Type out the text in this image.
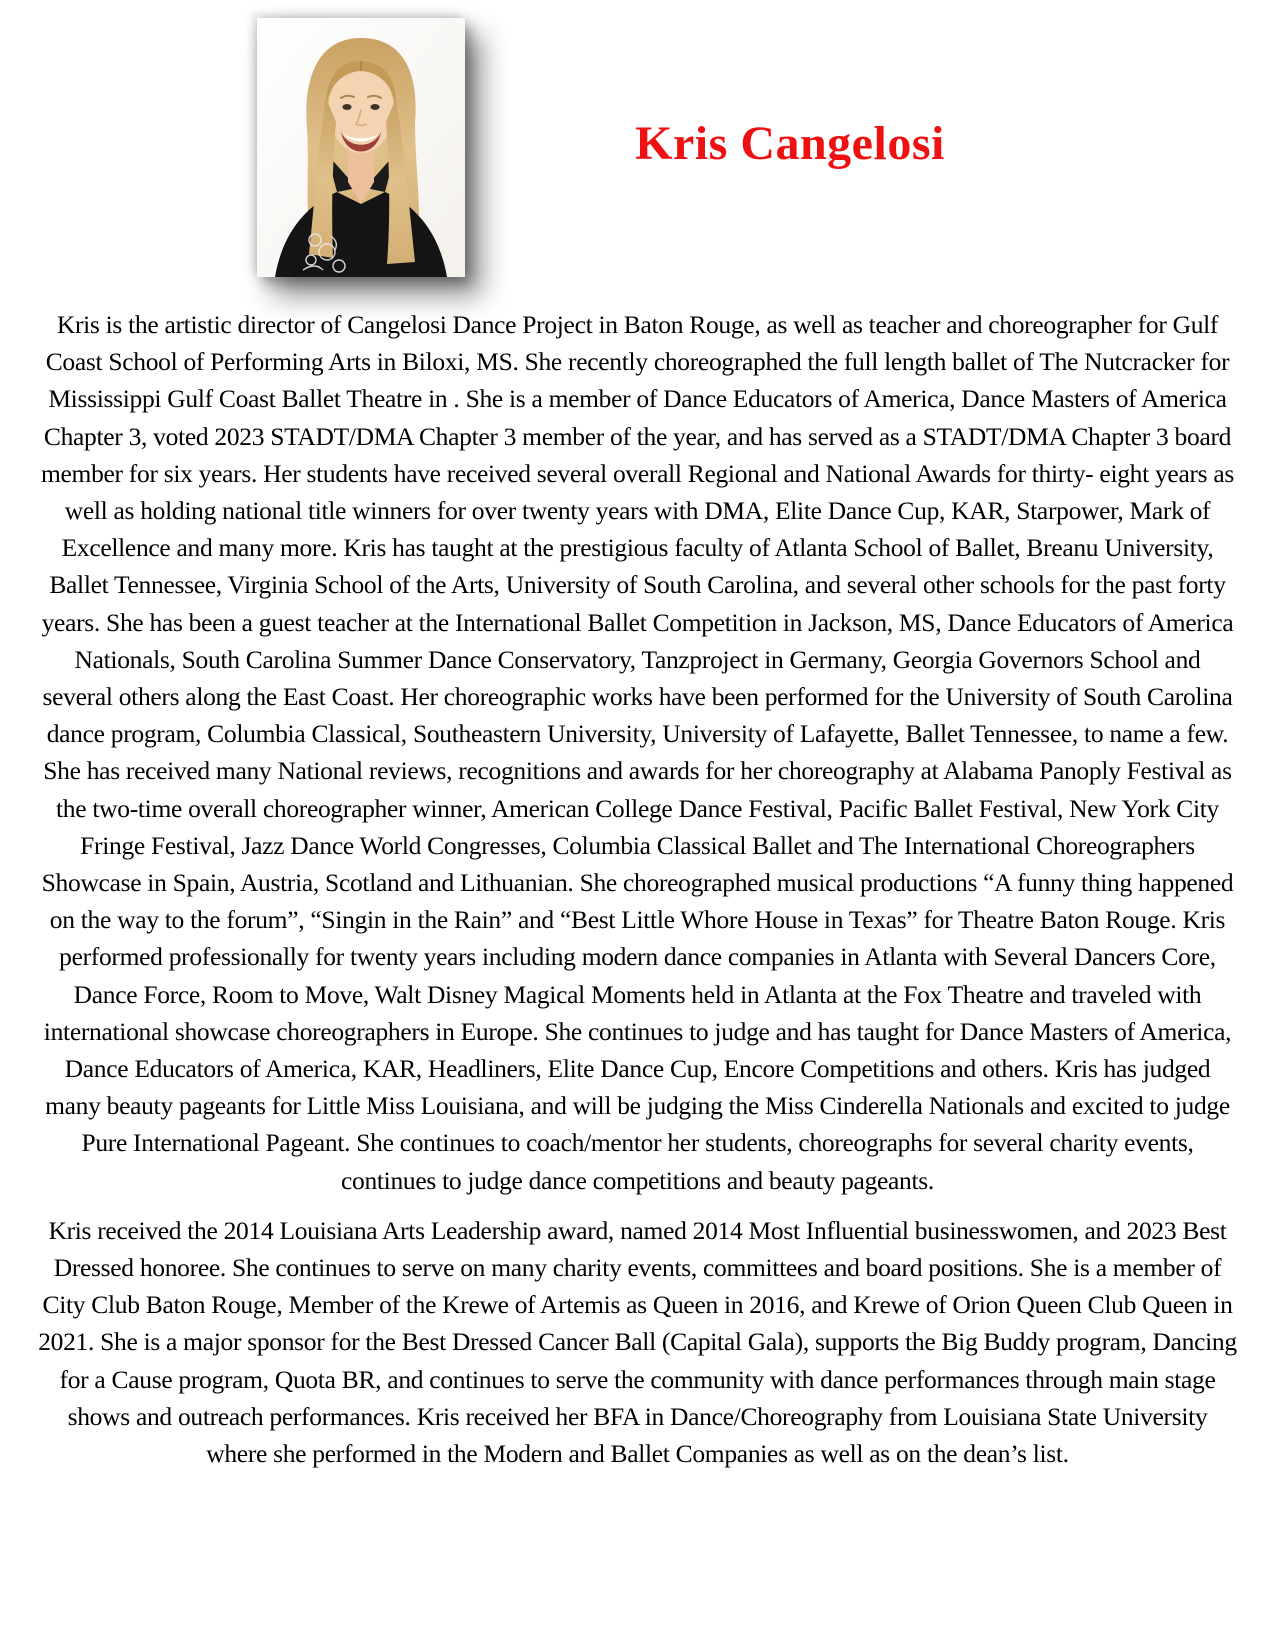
Kris Cangelosi

Kris is the artistic director of Cangelosi Dance Project in Baton Rouge, as well as teacher and choreographer for Gulf Coast School of Performing Arts in Biloxi, MS. She recently choreographed the full length ballet of The Nutcracker for Mississippi Gulf Coast Ballet Theatre in . She is a member of Dance Educators of America, Dance Masters of America Chapter 3, voted 2023 STADT/DMA Chapter 3 member of the year, and has served as a STADT/DMA Chapter 3 board member for six years. Her students have received several overall Regional and National Awards for thirty- eight years as well as holding national title winners for over twenty years with DMA, Elite Dance Cup, KAR, Starpower, Mark of Excellence and many more. Kris has taught at the prestigious faculty of Atlanta School of Ballet, Breanu University, Ballet Tennessee, Virginia School of the Arts, University of South Carolina, and several other schools for the past forty years. She has been a guest teacher at the International Ballet Competition in Jackson, MS, Dance Educators of America Nationals, South Carolina Summer Dance Conservatory, Tanzproject in Germany, Georgia Governors School and several others along the East Coast. Her choreographic works have been performed for the University of South Carolina dance program, Columbia Classical, Southeastern University, University of Lafayette, Ballet Tennessee, to name a few. She has received many National reviews, recognitions and awards for her choreography at Alabama Panoply Festival as the two-time overall choreographer winner, American College Dance Festival, Pacific Ballet Festival, New York City Fringe Festival, Jazz Dance World Congresses, Columbia Classical Ballet and The International Choreographers Showcase in Spain, Austria, Scotland and Lithuanian. She choreographed musical productions “A funny thing happened on the way to the forum”, “Singin in the Rain” and “Best Little Whore House in Texas” for Theatre Baton Rouge. Kris performed professionally for twenty years including modern dance companies in Atlanta with Several Dancers Core, Dance Force, Room to Move, Walt Disney Magical Moments held in Atlanta at the Fox Theatre and traveled with international showcase choreographers in Europe. She continues to judge and has taught for Dance Masters of America, Dance Educators of America, KAR, Headliners, Elite Dance Cup, Encore Competitions and others. Kris has judged many beauty pageants for Little Miss Louisiana, and will be judging the Miss Cinderella Nationals and excited to judge Pure International Pageant. She continues to coach/mentor her students, choreographs for several charity events, continues to judge dance competitions and beauty pageants.

Kris received the 2014 Louisiana Arts Leadership award, named 2014 Most Influential businesswomen, and 2023 Best Dressed honoree. She continues to serve on many charity events, committees and board positions. She is a member of City Club Baton Rouge, Member of the Krewe of Artemis as Queen in 2016, and Krewe of Orion Queen Club Queen in 2021. She is a major sponsor for the Best Dressed Cancer Ball (Capital Gala), supports the Big Buddy program, Dancing for a Cause program, Quota BR, and continues to serve the community with dance performances through main stage shows and outreach performances. Kris received her BFA in Dance/Choreography from Louisiana State University where she performed in the Modern and Ballet Companies as well as on the dean’s list.
